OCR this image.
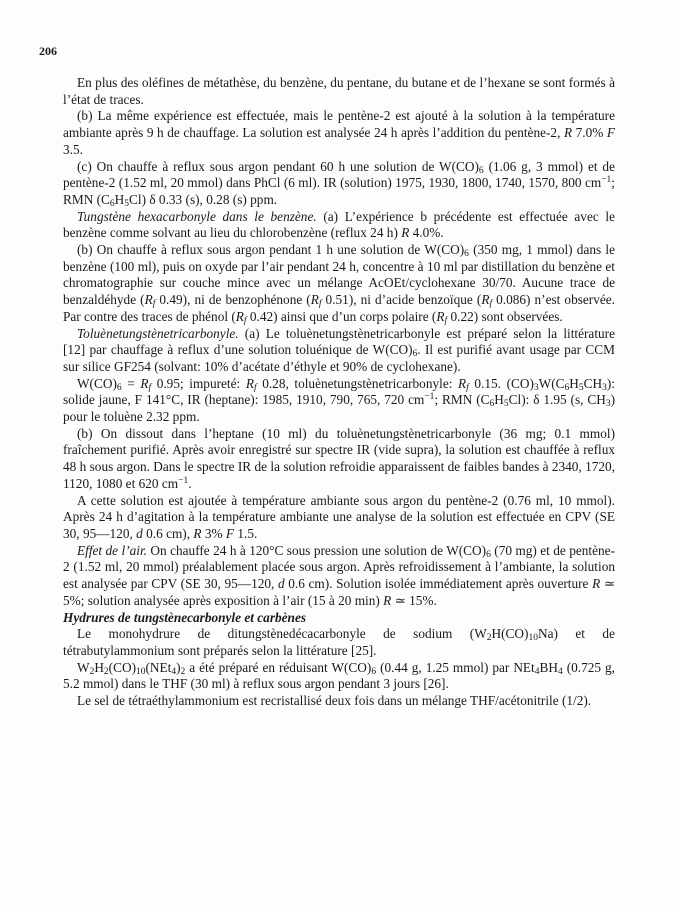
206

En plus des oléfines de métathèse, du benzène, du pentane, du butane et de l’hexane se sont formés à l’état de traces.

(b) La même expérience est effectuée, mais le pentène-2 est ajouté à la solution à la température ambiante après 9 h de chauffage. La solution est analysée 24 h après l’addition du pentène-2, R 7.0% F 3.5.

(c) On chauffe à reflux sous argon pendant 60 h une solution de $W(CO)_6$ (1.06 g, 3 mmol) et de pentène-2 (1.52 ml, 20 mmol) dans PhCl (6 ml). IR (solution) 1975, 1930, 1800, 1740, 1570, 800 $cm^{-1}$; RMN $(C_6H_5Cl)$ δ 0.33 (s), 0.28 (s) ppm.

Tungstène hexacarbonyle dans le benzène. (a) L’expérience b précédente est effectuée avec le benzène comme solvant au lieu du chlorobenzène (reflux 24 h) R 4.0%.

(b) On chauffe à reflux sous argon pendant 1 h une solution de $W(CO)_6$ (350 mg, 1 mmol) dans le benzène (100 ml), puis on oxyde par l’air pendant 24 h, concentre à 10 ml par distillation du benzène et chromatographie sur couche mince avec un mélange AcOEt/cyclohexane 30/70. Aucune trace de benzaldéhyde ($R_f$ 0.49), ni de benzophénone ($R_f$ 0.51), ni d’acide benzoïque ($R_f$ 0.086) n’est observée. Par contre des traces de phénol ($R_f$ 0.42) ainsi que d’un corps polaire ($R_f$ 0.22) sont observées.

Toluènetungstènetricarbonyle. (a) Le toluènetungstènetricarbonyle est préparé selon la littérature [12] par chauffage à reflux d’une solution toluénique de $W(CO)_6$. Il est purifié avant usage par CCM sur silice GF254 (solvant: 10% d’acétate d’éthyle et 90% de cyclohexane).

$W(CO)_6 = R_f$ 0.95; impureté: $R_f$ 0.28, toluènetungstènetricarbonyle: $R_f$ 0.15. $(CO)_3W(C_6H_5CH_3)$: solide jaune, F 141°C, IR (heptane): 1985, 1910, 790, 765, 720 $cm^{-1}$; RMN $(C_6H_5Cl)$: δ 1.95 (s, $CH_3$) pour le toluène 2.32 ppm.

(b) On dissout dans l’heptane (10 ml) du toluènetungstènetricarbonyle (36 mg; 0.1 mmol) fraîchement purifié. Après avoir enregistré sur spectre IR (vide supra), la solution est chauffée à reflux 48 h sous argon. Dans le spectre IR de la solution refroidie apparaissent de faibles bandes à 2340, 1720, 1120, 1080 et 620 $cm^{-1}$.

A cette solution est ajoutée à température ambiante sous argon du pentène-2 (0.76 ml, 10 mmol). Après 24 h d’agitation à la température ambiante une analyse de la solution est effectuée en CPV (SE 30, 95—120, d 0.6 cm), R 3% F 1.5.

Effet de l’air. On chauffe 24 h à 120°C sous pression une solution de $W(CO)_6$ (70 mg) et de pentène-2 (1.52 ml, 20 mmol) préalablement placée sous argon. Après refroidissement à l’ambiante, la solution est analysée par CPV (SE 30, 95—120, d 0.6 cm). Solution isolée immédiatement après ouverture R ≃ 5%; solution analysée après exposition à l’air (15 à 20 min) R ≃ 15%.

Hydrures de tungstènecarbonyle et carbènes

Le monohydrure de ditungstènedécacarbonyle de sodium $(W_2H(CO)_{10}Na)$ et de tétrabutylammonium sont préparés selon la littérature [25].

$W_2H_2(CO)_{10}(NEt_4)_2$ a été préparé en réduisant $W(CO)_6$ (0.44 g, 1.25 mmol) par $NEt_4BH_4$ (0.725 g, 5.2 mmol) dans le THF (30 ml) à reflux sous argon pendant 3 jours [26].

Le sel de tétraéthylammonium est recristallisé deux fois dans un mélange THF/acétonitrile (1/2).
